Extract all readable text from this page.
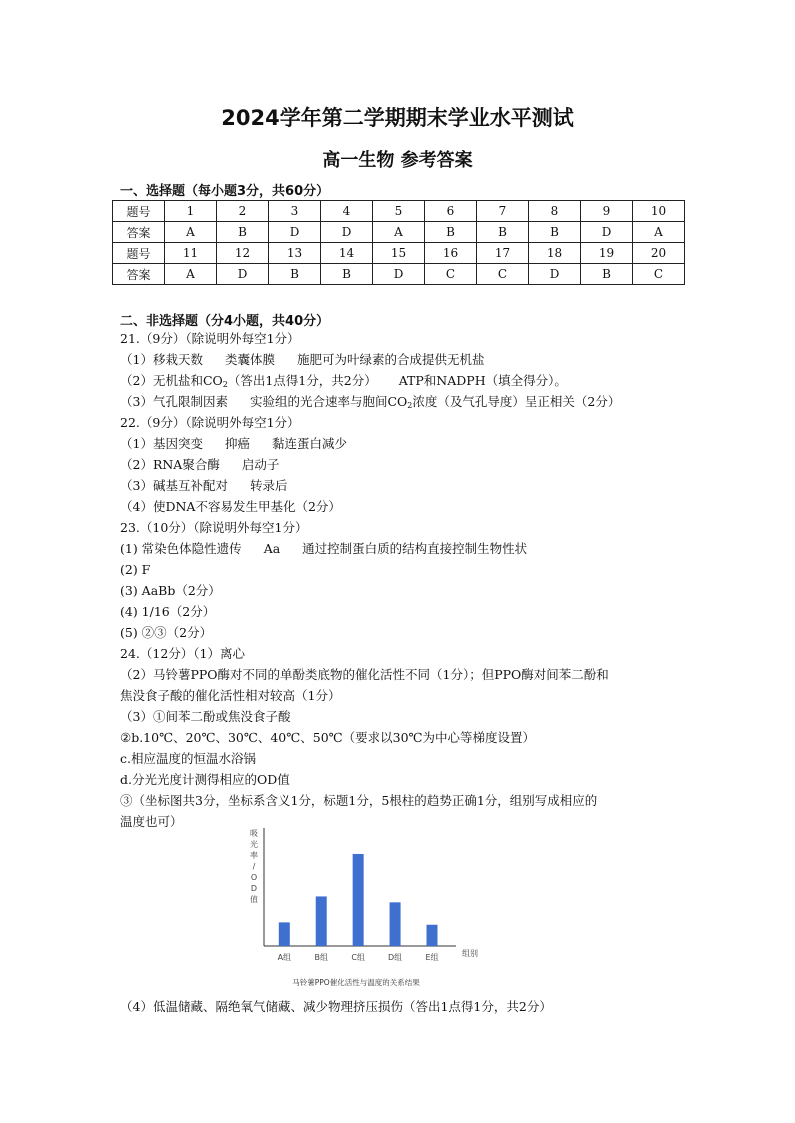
2024学年第二学期期末学业水平测试
高一生物 参考答案
一、选择题（每小题3分，共60分）
题号	1	2	3	4	5	6	7	8	9	10
答案	A	B	D	D	A	B	B	B	D	A
题号	11	12	13	14	15	16	17	18	19	20
答案	A	D	B	B	D	C	C	D	B	C
二、非选择题（分4小题，共40分）
21.（9分）（除说明外每空1分）
（1）移栽天数 类囊体膜 施肥可为叶绿素的合成提供无机盐
（2）无机盐和$CO_2$（答出1点得1分，共2分） ATP和NADPH（填全得分）。
（3）气孔限制因素 实验组的光合速率与胞间$CO_2$浓度（及气孔导度）呈正相关（2分）
22.（9分）（除说明外每空1分）
（1）基因突变 抑癌 黏连蛋白减少
（2）RNA聚合酶 启动子
（3）碱基互补配对 转录后
（4）使DNA不容易发生甲基化（2分）
23.（10分）（除说明外每空1分）
(1) 常染色体隐性遗传 Aa 通过控制蛋白质的结构直接控制生物性状
(2) F
(3) AaBb（2分）
(4) 1/16（2分）
(5) ②③（2分）
24.（12分）（1）离心
（2）马铃薯PPO酶对不同的单酚类底物的催化活性不同（1分）；但PPO酶对间苯二酚和
焦没食子酸的催化活性相对较高（1分）
（3）①间苯二酚或焦没食子酸
②b.10℃、20℃、30℃、40℃、50℃（要求以30℃为中心等梯度设置）
c.相应温度的恒温水浴锅
d.分光光度计测得相应的OD值
③（坐标图共3分，坐标系含义1分，标题1分，5根柱的趋势正确1分，组别写成相应的
温度也可）
吸光率/ O D 值
A组	B组	C组	D组	E组	组别
马铃薯PPO催化活性与温度的关系结果
（4）低温储藏、隔绝氧气储藏、减少物理挤压损伤（答出1点得1分，共2分）
